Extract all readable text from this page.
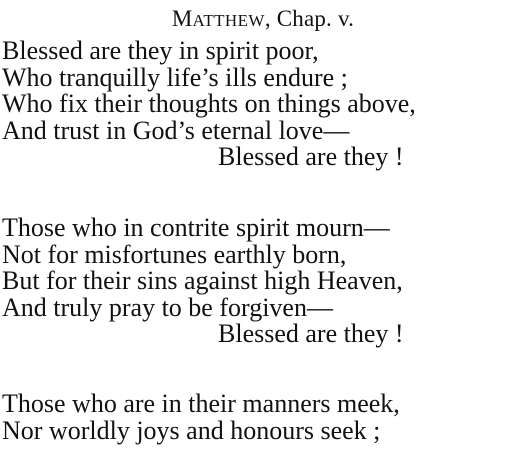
MATTHEW, Chap. v.
Blessed are they in spirit poor,
Who tranquilly life’s ills endure ;
Who fix their thoughts on things above,
And trust in God’s eternal love—
Blessed are they !
Those who in contrite spirit mourn—
Not for misfortunes earthly born,
But for their sins against high Heaven,
And truly pray to be forgiven—
Blessed are they !
Those who are in their manners meek,
Nor worldly joys and honours seek ;
